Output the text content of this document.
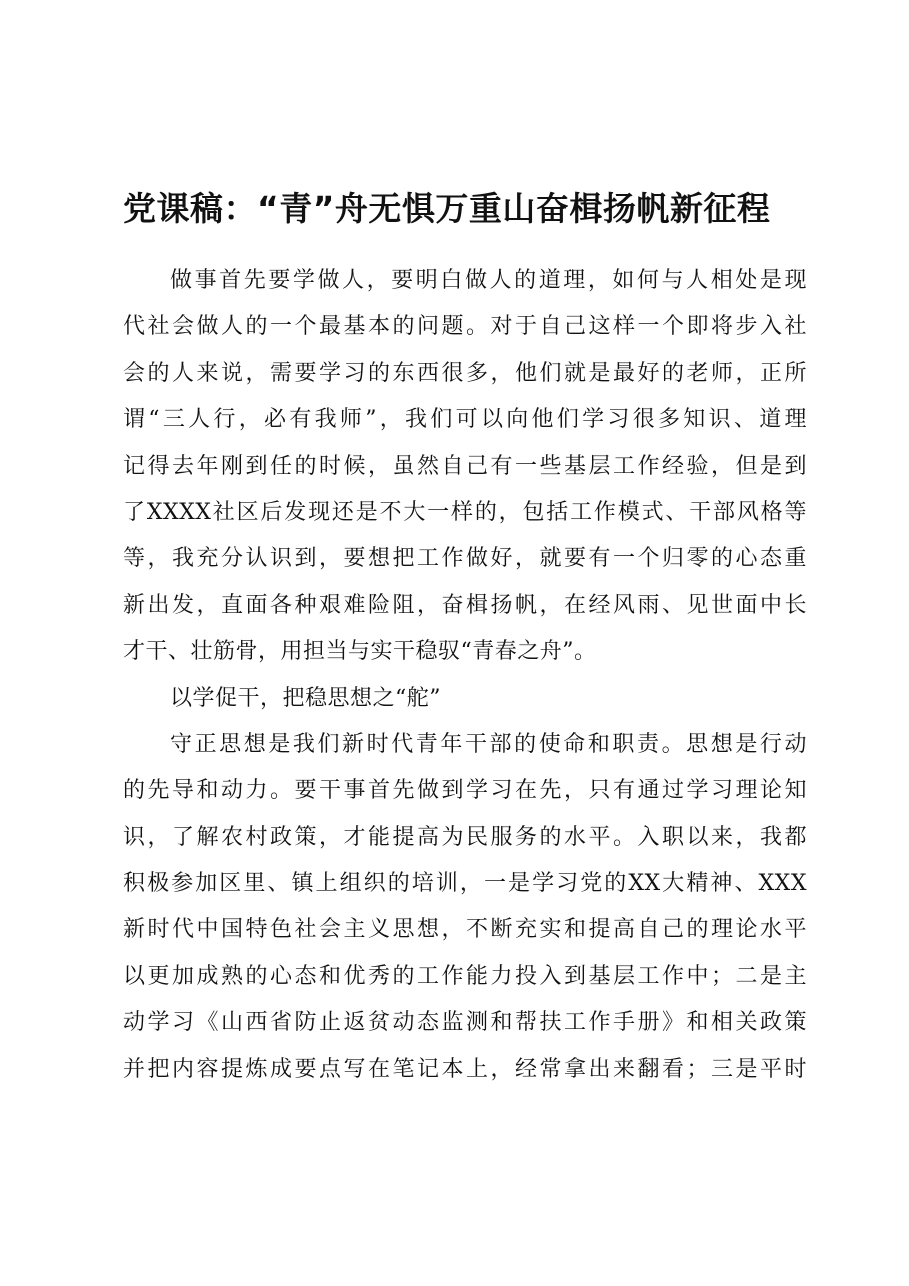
党课稿：“青”舟无惧万重山奋楫扬帆新征程
做事首先要学做人，要明白做人的道理，如何与人相处是现
代社会做人的一个最基本的问题。对于自己这样一个即将步入社
会的人来说，需要学习的东西很多，他们就是最好的老师，正所
谓“三人行，必有我师”，我们可以向他们学习很多知识、道理
记得去年刚到任的时候，虽然自己有一些基层工作经验，但是到
了XXXX社区后发现还是不大一样的，包括工作模式、干部风格等
等，我充分认识到，要想把工作做好，就要有一个归零的心态重
新出发，直面各种艰难险阻，奋楫扬帆，在经风雨、见世面中长
才干、壮筋骨，用担当与实干稳驭“青春之舟”。
以学促干，把稳思想之“舵”
守正思想是我们新时代青年干部的使命和职责。思想是行动
的先导和动力。要干事首先做到学习在先，只有通过学习理论知
识，了解农村政策，才能提高为民服务的水平。入职以来，我都
积极参加区里、镇上组织的培训，一是学习党的XX大精神、XXX
新时代中国特色社会主义思想，不断充实和提高自己的理论水平
以更加成熟的心态和优秀的工作能力投入到基层工作中；二是主
动学习《山西省防止返贫动态监测和帮扶工作手册》和相关政策
并把内容提炼成要点写在笔记本上，经常拿出来翻看；三是平时
